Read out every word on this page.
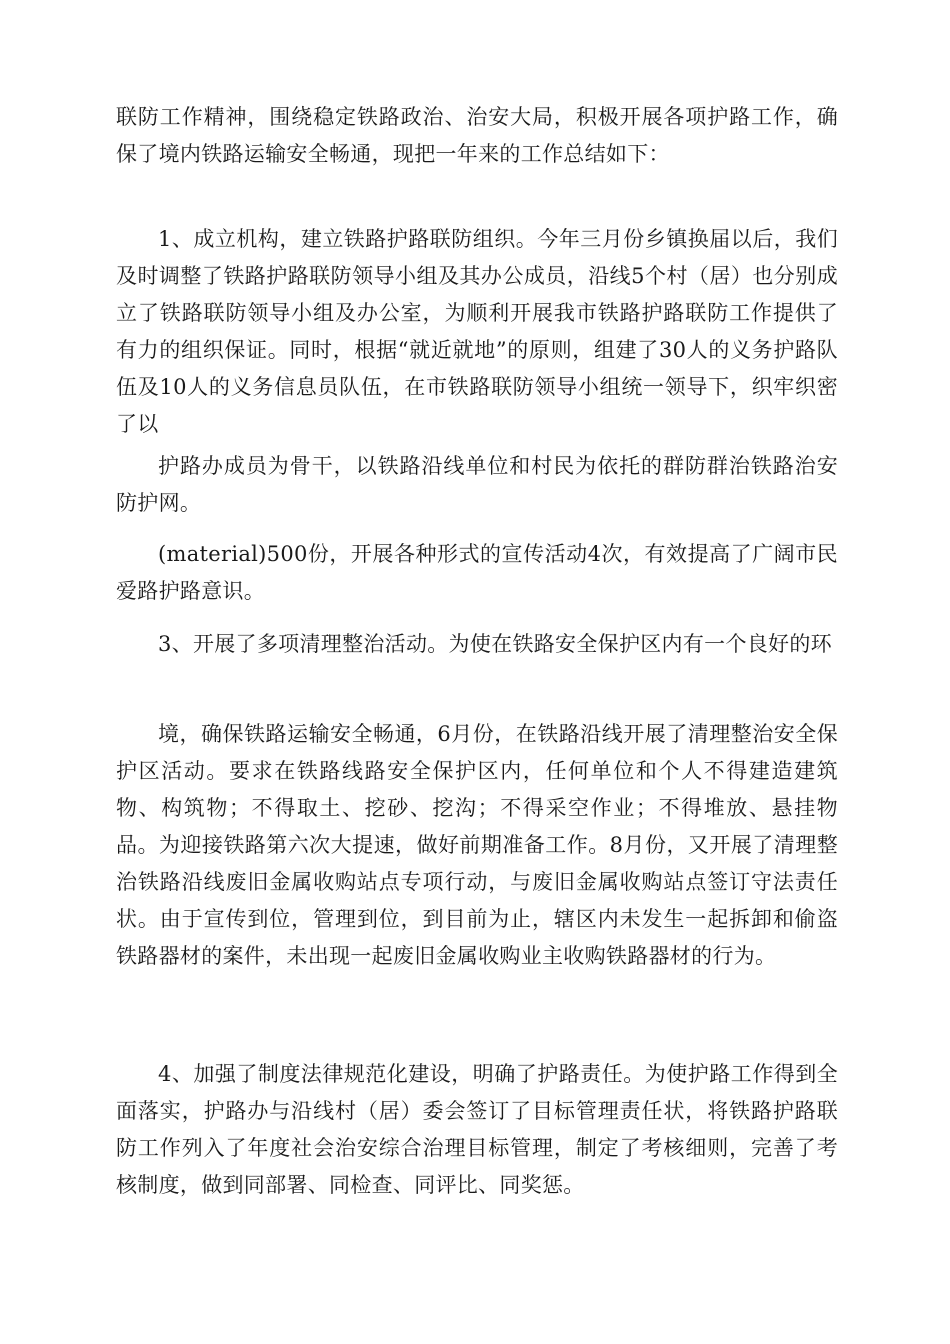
联防工作精神，围绕稳定铁路政治、治安大局，积极开展各项护路工作，确保了境内铁路运输安全畅通，现把一年来的工作总结如下：

1、成立机构，建立铁路护路联防组织。今年三月份乡镇换届以后，我们及时调整了铁路护路联防领导小组及其办公成员，沿线5个村（居）也分别成立了铁路联防领导小组及办公室，为顺利开展我市铁路护路联防工作提供了有力的组织保证。同时，根据“就近就地”的原则，组建了30人的义务护路队伍及10人的义务信息员队伍，在市铁路联防领导小组统一领导下，织牢织密了以

护路办成员为骨干，以铁路沿线单位和村民为依托的群防群治铁路治安防护网。

(material)500份，开展各种形式的宣传活动4次，有效提高了广阔市民爱路护路意识。

3、开展了多项清理整治活动。为使在铁路安全保护区内有一个良好的环

境，确保铁路运输安全畅通，6月份，在铁路沿线开展了清理整治安全保护区活动。要求在铁路线路安全保护区内，任何单位和个人不得建造建筑物、构筑物；不得取土、挖砂、挖沟；不得采空作业；不得堆放、悬挂物品。为迎接铁路第六次大提速，做好前期准备工作。8月份，又开展了清理整治铁路沿线废旧金属收购站点专项行动，与废旧金属收购站点签订守法责任状。由于宣传到位，管理到位，到目前为止，辖区内未发生一起拆卸和偷盗铁路器材的案件，未出现一起废旧金属收购业主收购铁路器材的行为。

4、加强了制度法律规范化建设，明确了护路责任。为使护路工作得到全面落实，护路办与沿线村（居）委会签订了目标管理责任状，将铁路护路联防工作列入了年度社会治安综合治理目标管理，制定了考核细则，完善了考核制度，做到同部署、同检查、同评比、同奖惩。
